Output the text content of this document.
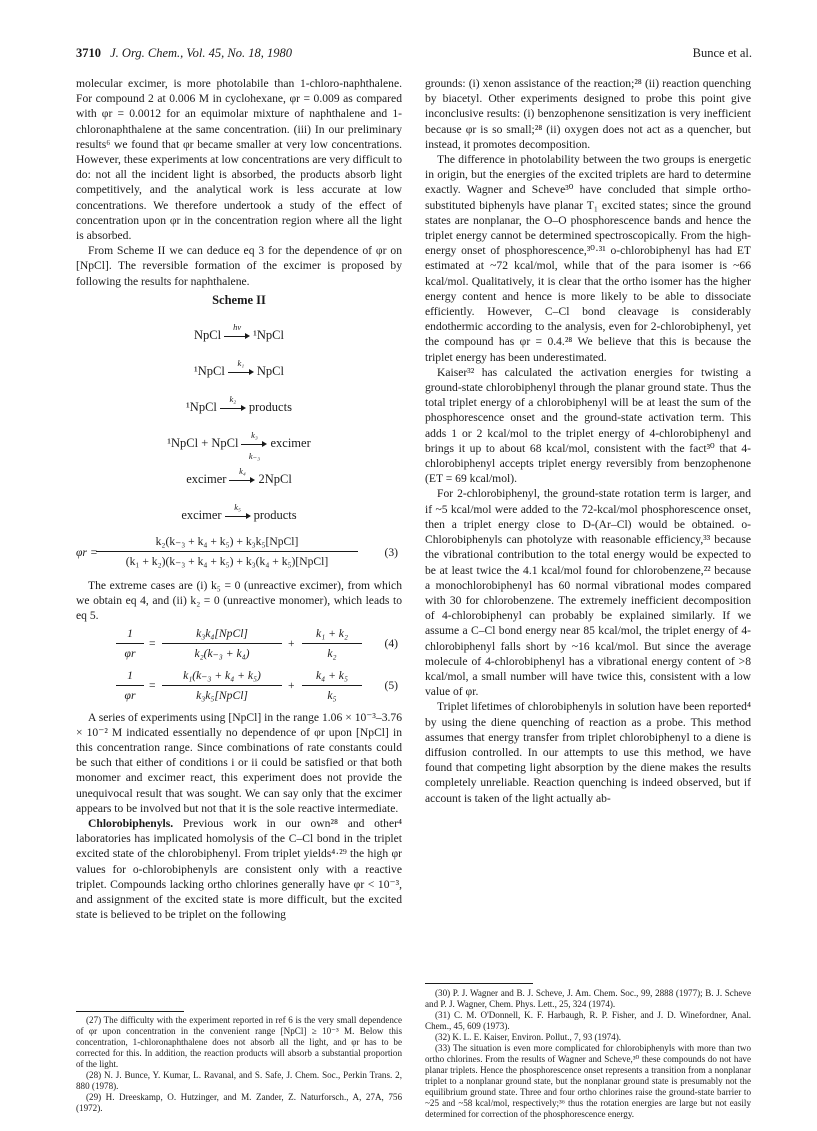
3710 J. Org. Chem., Vol. 45, No. 18, 1980	Bunce et al.

molecular excimer, is more photolabile than 1-chloro-naphthalene. For compound 2 at 0.006 M in cyclohexane, φr = 0.009 as compared with φr = 0.0012 for an equimolar mixture of naphthalene and 1-chloronaphthalene at the same concentration. (iii) In our preliminary results⁶ we found that φr became smaller at very low concentrations. However, these experiments at low concentrations are very difficult to do: not all the incident light is absorbed, the products absorb light competitively, and the analytical work is less accurate at low concentrations. We therefore undertook a study of the effect of concentration upon φr in the concentration region where all the light is absorbed.

From Scheme II we can deduce eq 3 for the dependence of φr on [NpCl]. The reversible formation of the excimer is proposed by following the results for naphthalene.

Scheme II
NpCl
hν
¹NpCl
¹NpCl
k₁
NpCl
¹NpCl
k₂
products
¹NpCl + NpCl
k₃
k₋₃
excimer
excimer
k₄
2NpCl
excimer
k₅
products
φr =
k₂(k₋₃ + k₄ + k₅) + k₃k₅[NpCl]
(k₁ + k₂)(k₋₃ + k₄ + k₅) + k₃(k₄ + k₅)[NpCl]
(3)

The extreme cases are (i) k₅ = 0 (unreactive excimer), from which we obtain eq 4, and (ii) k₂ = 0 (unreactive monomer), which leads to eq 5.

$\frac{1}{\varphi r}$ =
k₃k₄[NpCl]
k₂(k₋₃ + k₄)
+ $\frac{\text{k₁ + k₂}}{\text{k₂}} (4)$
$\frac{1}{\varphi r}$ =
k₁(k₋₃ + k₄ + k₅)
k₃k₅[NpCl]
+ $\frac{\text{k₄ + k₅}}{\text{k₅}} (5)$

A series of experiments using [NpCl] in the range 1.06 × 10⁻³–3.76 × 10⁻² M indicated essentially no dependence of φr upon [NpCl] in this concentration range. Since combinations of rate constants could be such that either of conditions i or ii could be satisfied or that both monomer and excimer react, this experiment does not provide the unequivocal result that was sought. We can say only that the excimer appears to be involved but not that it is the sole reactive intermediate.

Chlorobiphenyls. Previous work in our own²⁸ and other⁴ laboratories has implicated homolysis of the C–Cl bond in the triplet excited state of the chlorobiphenyl. From triplet yields⁴·²⁹ the high φr values for o-chlorobiphenyls are consistent only with a reactive triplet. Compounds lacking ortho chlorines generally have φr < 10⁻³, and assignment of the excited state is more difficult, but the excited state is believed to be triplet on the following

grounds: (i) xenon assistance of the reaction;²⁸ (ii) reaction quenching by biacetyl. Other experiments designed to probe this point give inconclusive results: (i) benzophenone sensitization is very inefficient because φr is so small;²⁸ (ii) oxygen does not act as a quencher, but instead, it promotes decomposition.

The difference in photolability between the two groups is energetic in origin, but the energies of the excited triplets are hard to determine exactly. Wagner and Scheve³⁰ have concluded that simple ortho-substituted biphenyls have planar T₁ excited states; since the ground states are nonplanar, the O–O phosphorescence bands and hence the triplet energy cannot be determined spectroscopically. From the high-energy onset of phosphorescence,³⁰·³¹ o-chlorobiphenyl has had ET estimated at ~72 kcal/mol, while that of the para isomer is ~66 kcal/mol. Qualitatively, it is clear that the ortho isomer has the higher energy content and hence is more likely to be able to dissociate efficiently. However, C–Cl bond cleavage is considerably endothermic according to the analysis, even for 2-chlorobiphenyl, yet the compound has φr = 0.4.²⁸ We believe that this is because the triplet energy has been underestimated.

Kaiser³² has calculated the activation energies for twisting a ground-state chlorobiphenyl through the planar ground state. Thus the total triplet energy of a chlorobiphenyl will be at least the sum of the phosphorescence onset and the ground-state activation term. This adds 1 or 2 kcal/mol to the triplet energy of 4-chlorobiphenyl and brings it up to about 68 kcal/mol, consistent with the fact³⁰ that 4-chlorobiphenyl accepts triplet energy reversibly from benzophenone (ET = 69 kcal/mol).

For 2-chlorobiphenyl, the ground-state rotation term is larger, and if ~5 kcal/mol were added to the 72-kcal/mol phosphorescence onset, then a triplet energy close to D-(Ar–Cl) would be obtained. o-Chlorobiphenyls can photolyze with reasonable efficiency,³³ because the vibrational contribution to the total energy would be expected to be at least twice the 4.1 kcal/mol found for chlorobenzene,²² because a monochlorobiphenyl has 60 normal vibrational modes compared with 30 for chlorobenzene. The extremely inefficient decomposition of 4-chlorobiphenyl can probably be explained similarly. If we assume a C–Cl bond energy near 85 kcal/mol, the triplet energy of 4-chlorobiphenyl falls short by ~16 kcal/mol. But since the average molecule of 4-chlorobiphenyl has a vibrational energy content of >8 kcal/mol, a small number will have twice this, consistent with a low value of φr.

Triplet lifetimes of chlorobiphenyls in solution have been reported⁴ by using the diene quenching of reaction as a probe. This method assumes that energy transfer from triplet chlorobiphenyl to a diene is diffusion controlled. In our attempts to use this method, we have found that competing light absorption by the diene makes the results completely unreliable. Reaction quenching is indeed observed, but if account is taken of the light actually ab-

(27) The difficulty with the experiment reported in ref 6 is the very small dependence of φr upon concentration in the convenient range [NpCl] ≥ 10⁻³ M. Below this concentration, 1-chloronaphthalene does not absorb all the light, and φr has to be corrected for this. In addition, the reaction products will absorb a substantial proportion of the light.

(28) N. J. Bunce, Y. Kumar, L. Ravanal, and S. Safe, J. Chem. Soc., Perkin Trans. 2, 880 (1978).

(29) H. Dreeskamp, O. Hutzinger, and M. Zander, Z. Naturforsch., A, 27A, 756 (1972).

(30) P. J. Wagner and B. J. Scheve, J. Am. Chem. Soc., 99, 2888 (1977); B. J. Scheve and P. J. Wagner, Chem. Phys. Lett., 25, 324 (1974).

(31) C. M. O'Donnell, K. F. Harbaugh, R. P. Fisher, and J. D. Winefordner, Anal. Chem., 45, 609 (1973).

(32) K. L. E. Kaiser, Environ. Pollut., 7, 93 (1974).

(33) The situation is even more complicated for chlorobiphenyls with more than two ortho chlorines. From the results of Wagner and Scheve,³⁰ these compounds do not have planar triplets. Hence the phosphorescence onset represents a transition from a nonplanar triplet to a nonplanar ground state, but the nonplanar ground state is presumably not the equilibrium ground state. Three and four ortho chlorines raise the ground-state barrier to ~25 and ~58 kcal/mol, respectively;³⁶ thus the rotation energies are large but not easily determined for correction of the phosphorescence energy.
